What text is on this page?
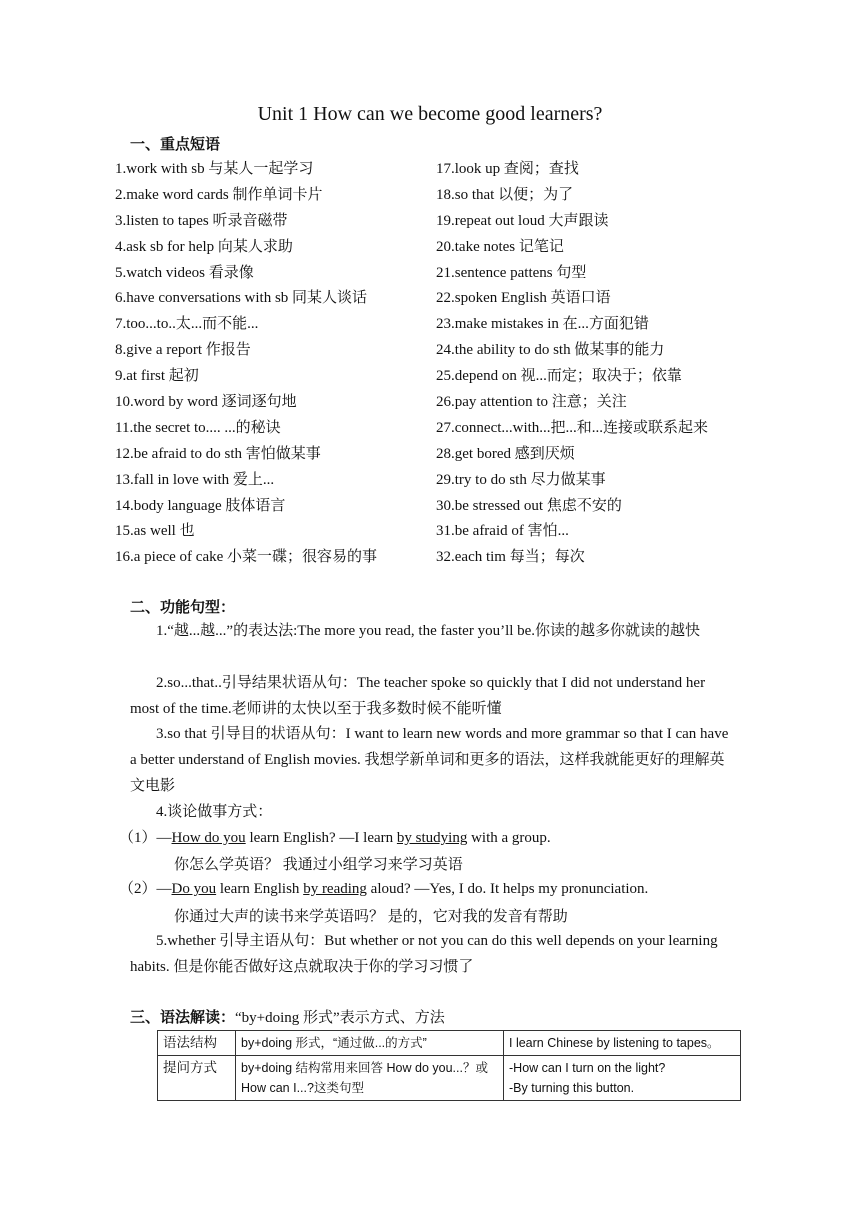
Unit 1 How can we become good learners?
一、重点短语
1.work with sb 与某人一起学习	17.look up 查阅；查找
2.make word cards 制作单词卡片	18.so that 以便；为了
3.listen to tapes 听录音磁带	19.repeat out loud 大声跟读
4.ask sb for help 向某人求助	20.take notes 记笔记
5.watch videos 看录像	21.sentence pattens 句型
6.have conversations with sb 同某人谈话	22.spoken English 英语口语
7.too...to..太...而不能...	23.make mistakes in 在...方面犯错
8.give a report 作报告	24.the ability to do sth 做某事的能力
9.at first 起初	25.depend on 视...而定；取决于；依靠
10.word by word 逐词逐句地	26.pay attention to 注意；关注
11.the secret to.... ...的秘诀	27.connect...with...把...和...连接或联系起来
12.be afraid to do sth 害怕做某事	28.get bored 感到厌烦
13.fall in love with 爱上...	29.try to do sth 尽力做某事
14.body language 肢体语言	30.be stressed out 焦虑不安的
15.as well 也	31.be afraid of 害怕...
16.a piece of cake 小菜一碟；很容易的事	32.each tim 每当；每次
二、功能句型：
1.“越...越...”的表达法:The more you read, the faster you’ll be.你读的越多你就读的越快
2.so...that..引导结果状语从句：The teacher spoke so quickly that I did not understand her most of the time.老师讲的太快以至于我多数时候不能听懂
3.so that 引导目的状语从句：I want to learn new words and more grammar so that I can have a better understand of English movies. 我想学新单词和更多的语法，这样我就能更好的理解英文电影
4.谈论做事方式：
（1）—How do you learn English? —I learn by studying with a group.
你怎么学英语？ 我通过小组学习来学习英语
（2）—Do you learn English by reading aloud? —Yes, I do. It helps my pronunciation.
你通过大声的读书来学英语吗？ 是的，它对我的发音有帮助
5.whether 引导主语从句：But whether or not you can do this well depends on your learning habits. 但是你能否做好这点就取决于你的学习习惯了
三、语法解读：“by+doing 形式”表示方式、方法
语法结构	by+doing 形式，“通过做...的方式”	I learn Chinese by listening to tapes。
提问方式	by+doing 结构常用来回答 How do you...？或 How can I...?这类句型	-How can I turn on the light?
-By turning this button.
